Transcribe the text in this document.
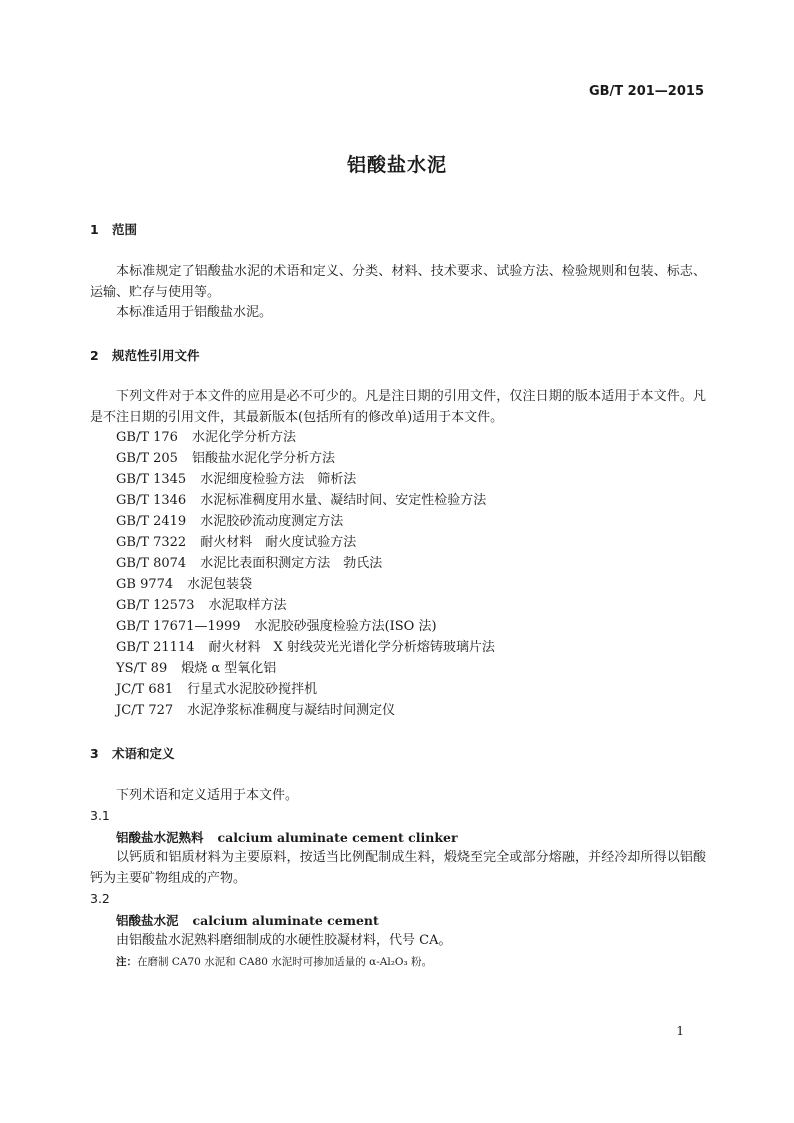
GB/T 201—2015
铝酸盐水泥
1 范围
本标准规定了铝酸盐水泥的术语和定义、分类、材料、技术要求、试验方法、检验规则和包装、标志、运输、贮存与使用等。
本标准适用于铝酸盐水泥。
2 规范性引用文件
下列文件对于本文件的应用是必不可少的。凡是注日期的引用文件，仅注日期的版本适用于本文件。凡是不注日期的引用文件，其最新版本(包括所有的修改单)适用于本文件。
GB/T 176 水泥化学分析方法
GB/T 205 铝酸盐水泥化学分析方法
GB/T 1345 水泥细度检验方法　筛析法
GB/T 1346 水泥标准稠度用水量、凝结时间、安定性检验方法
GB/T 2419 水泥胶砂流动度测定方法
GB/T 7322 耐火材料　耐火度试验方法
GB/T 8074 水泥比表面积测定方法　勃氏法
GB 9774 水泥包装袋
GB/T 12573 水泥取样方法
GB/T 17671—1999 水泥胶砂强度检验方法(ISO 法)
GB/T 21114 耐火材料　X 射线荧光光谱化学分析熔铸玻璃片法
YS/T 89 煅烧 α 型氧化铝
JC/T 681 行星式水泥胶砂搅拌机
JC/T 727 水泥净浆标准稠度与凝结时间测定仪
3 术语和定义
下列术语和定义适用于本文件。
3.1
铝酸盐水泥熟料 calcium aluminate cement clinker
以钙质和铝质材料为主要原料，按适当比例配制成生料，煅烧至完全或部分熔融，并经冷却所得以铝酸钙为主要矿物组成的产物。
3.2
铝酸盐水泥 calcium aluminate cement
由铝酸盐水泥熟料磨细制成的水硬性胶凝材料，代号 CA。
注：在磨制 CA70 水泥和 CA80 水泥时可掺加适量的 α-Al₂O₃ 粉。
1
